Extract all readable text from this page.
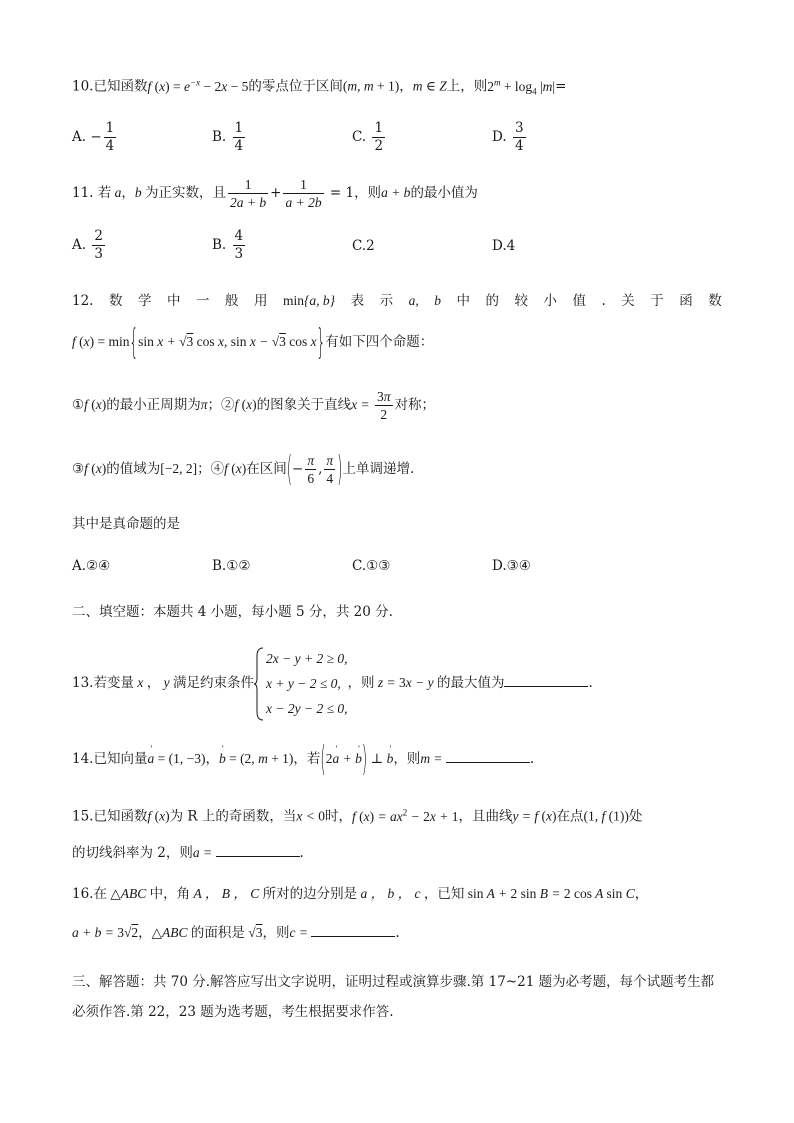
10.已知函数f $(x) = e^{-x} - 2x - 5$的零点位于区间(m, m + 1)，m ∈ Z上，则$2^m + \log_4 |m|=$
A. − $\frac{1}{4}$	B. $\frac{1}{4}$	C. $\frac{1}{2}$	D. $\frac{3}{4}$
11. 若 a，b 为正实数，且 $\frac{1}{2a + b} + \frac{1}{a + 2b} = 1$，则a + b的最小值为
A. $\frac{2}{3}$	B. $\frac{4}{3}$	C.2	D.4
12. 数 学 中 一 般 用 min{a, b} 表 示 a, b 中 的 较 小 值 . 关 于 函 数
f (x) = min{sin x + √3 cos x, sin x − √3 cos x}有如下四个命题：
①f (x)的最小正周期为π；②f (x)的图象关于直线$x = \frac{3\pi}{2}$ 对称；
③f (x)的值域为[−2, 2]；④f (x)在区间(− $\frac{\pi}{6}$ , $\frac{\pi}{4}$ )上单调递增.
其中是真命题的是
A.②④	B.①②	C.①③	D.③④
二、填空题：本题共 4 小题，每小题 5 分，共 20 分.
13.若变量 x ， y 满足约束条件
2x − y + 2 ≥ 0,
x + y − 2 ≤ 0,
x − 2y − 2 ≤ 0,
，则 z = 3x − y 的最大值为	.
14.已知向量' a = (1, −3)，' b = (2, m + 1)，若(2' a + ' b) ⊥ ' b，则m =	.
15.已知函数f (x)为 R 上的奇函数，当x < 0时，f $(x) = ax^2 - 2x + 1$，且曲线y = f (x)在点(1, f (1))处
的切线斜率为 2，则a =	.
16.在 △ABC 中，角 A ， B ， C 所对的边分别是 a ， b ， c ，已知 sin A + 2 sin B = 2 cos A sin C，
a + b = 3√2，△ABC 的面积是 √3，则c =	.
三、解答题：共 70 分.解答应写出文字说明，证明过程或演算步骤.第 17~21 题为必考题，每个试题考生都
必须作答.第 22，23 题为选考题，考生根据要求作答.
